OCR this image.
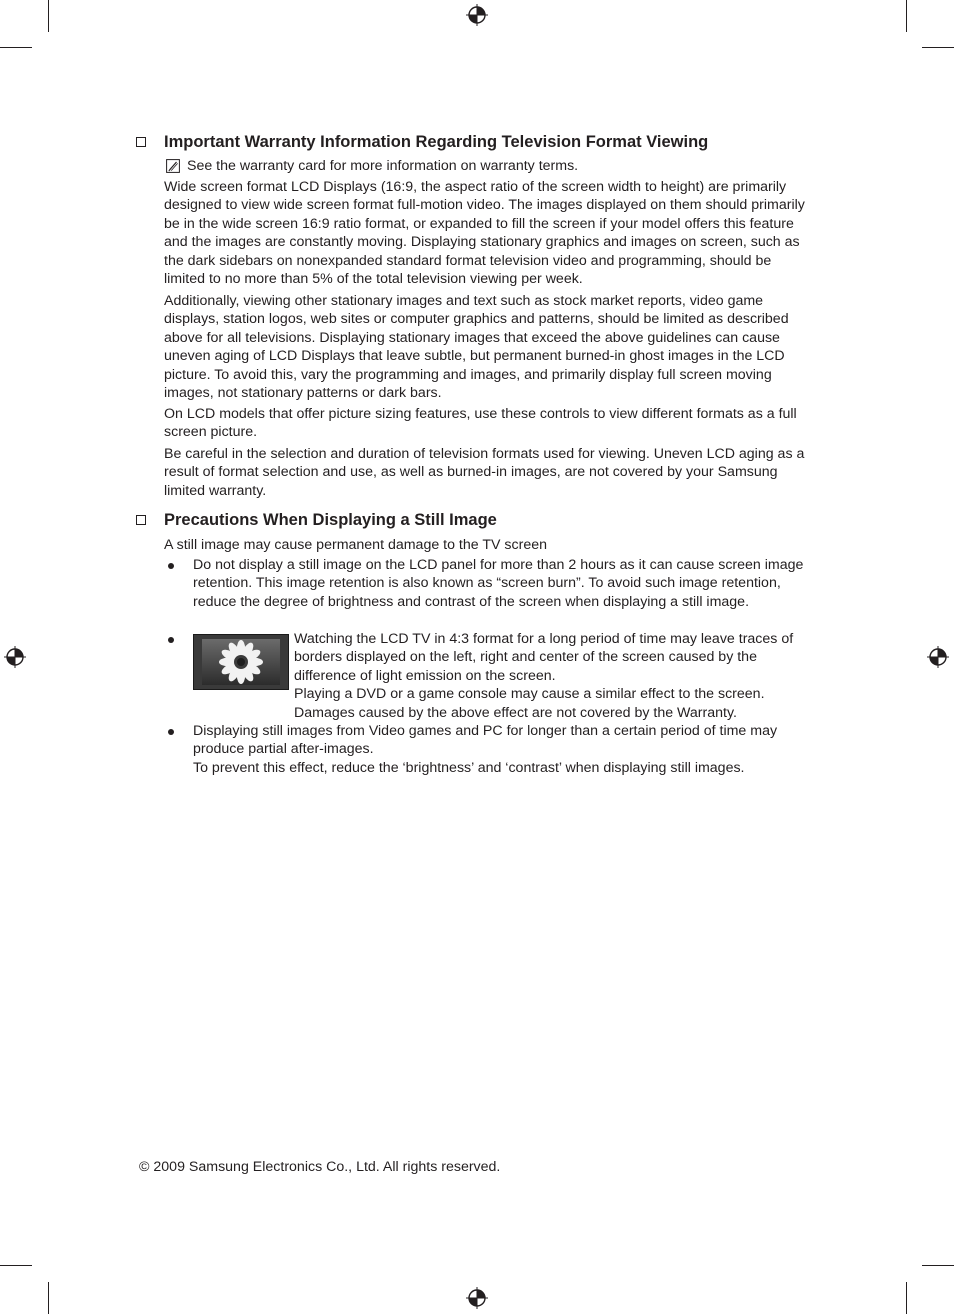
Important Warranty Information Regarding Television Format Viewing
See the warranty card for more information on warranty terms.

Wide screen format LCD Displays (16:9, the aspect ratio of the screen width to height) are primarily designed to view wide screen format full-motion video. The images displayed on them should primarily be in the wide screen 16:9 ratio format, or expanded to fill the screen if your model offers this feature and the images are constantly moving. Displaying stationary graphics and images on screen, such as the dark sidebars on nonexpanded standard format television video and programming, should be limited to no more than 5% of the total television viewing per week.

Additionally, viewing other stationary images and text such as stock market reports, video game displays, station logos, web sites or computer graphics and patterns, should be limited as described above for all televisions. Displaying stationary images that exceed the above guidelines can cause uneven aging of LCD Displays that leave subtle, but permanent burned-in ghost images in the LCD picture. To avoid this, vary the programming and images, and primarily display full screen moving images, not stationary patterns or dark bars.

On LCD models that offer picture sizing features, use these controls to view different formats as a full screen picture.

Be careful in the selection and duration of television formats used for viewing. Uneven LCD aging as a result of format selection and use, as well as burned-in images, are not covered by your Samsung limited warranty.

Precautions When Displaying a Still Image

A still image may cause permanent damage to the TV screen

Do not display a still image on the LCD panel for more than 2 hours as it can cause screen image retention. This image retention is also known as “screen burn”. To avoid such image retention, reduce the degree of brightness and contrast of the screen when displaying a still image.

Watching the LCD TV in 4:3 format for a long period of time may leave traces of borders displayed on the left, right and center of the screen caused by the difference of light emission on the screen.
Playing a DVD or a game console may cause a similar effect to the screen.
Damages caused by the above effect are not covered by the Warranty.

Displaying still images from Video games and PC for longer than a certain period of time may produce partial after-images.
To prevent this effect, reduce the ‘brightness’ and ‘contrast’ when displaying still images.

© 2009 Samsung Electronics Co., Ltd. All rights reserved.
